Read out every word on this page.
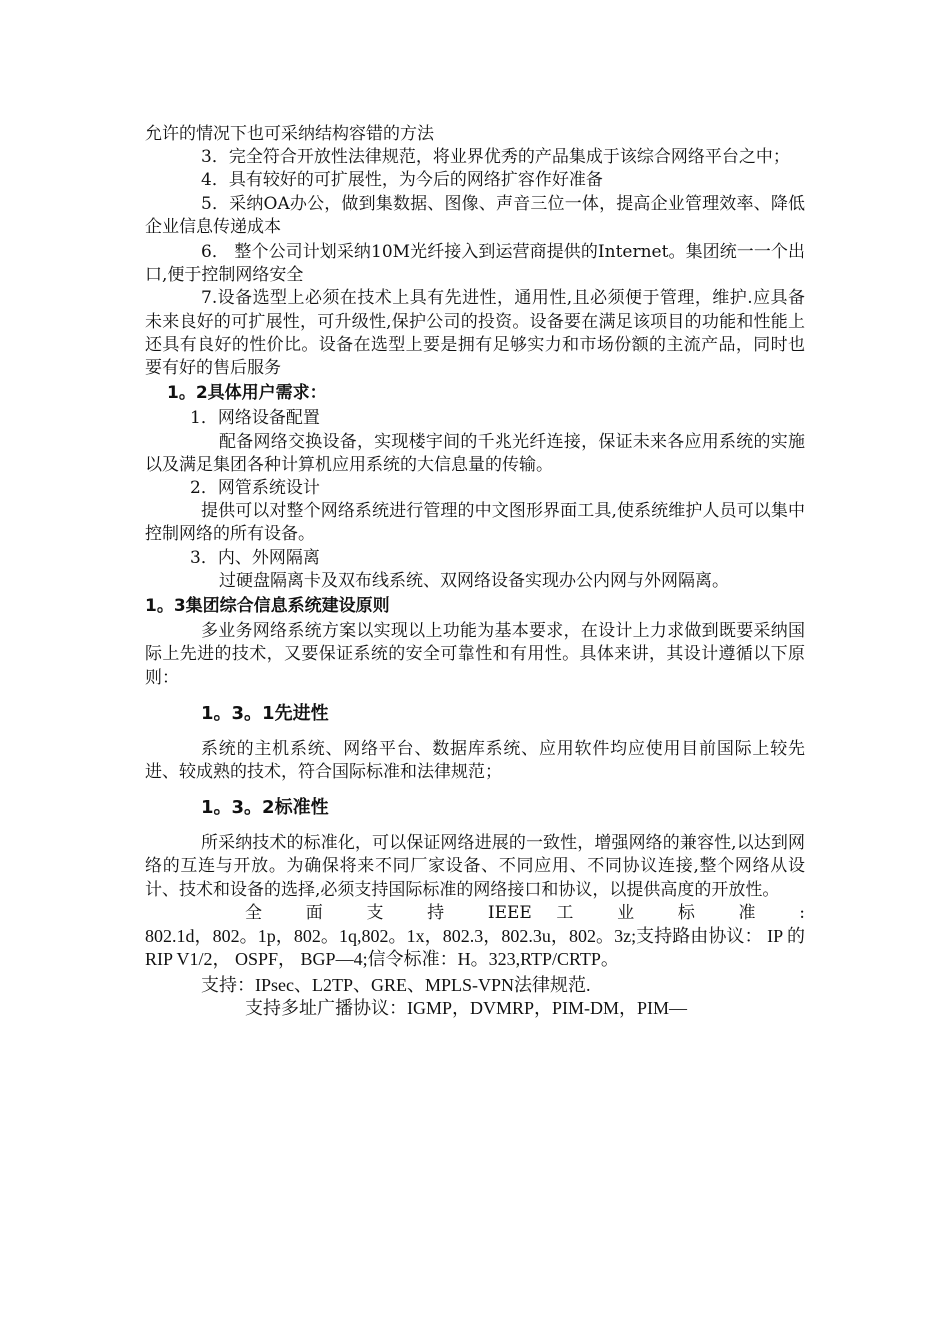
允许的情况下也可采纳结构容错的方法

3．完全符合开放性法律规范，将业界优秀的产品集成于该综合网络平台之中；

4．具有较好的可扩展性，为今后的网络扩容作好准备

5．采纳OA办公，做到集数据、图像、声音三位一体，提高企业管理效率、降低企业信息传递成本

6． 整个公司计划采纳10M光纤接入到运营商提供的Internet。集团统一一个出口,便于控制网络安全

7.设备选型上必须在技术上具有先进性，通用性,且必须便于管理，维护.应具备未来良好的可扩展性，可升级性,保护公司的投资。设备要在满足该项目的功能和性能上还具有良好的性价比。设备在选型上要是拥有足够实力和市场份额的主流产品，同时也要有好的售后服务

1。2具体用户需求：

1．网络设备配置

配备网络交换设备，实现楼宇间的千兆光纤连接，保证未来各应用系统的实施以及满足集团各种计算机应用系统的大信息量的传输。

2．网管系统设计

提供可以对整个网络系统进行管理的中文图形界面工具,使系统维护人员可以集中控制网络的所有设备。

3．内、外网隔离

过硬盘隔离卡及双布线系统、双网络设备实现办公内网与外网隔离。

1。3集团综合信息系统建设原则

多业务网络系统方案以实现以上功能为基本要求，在设计上力求做到既要采纳国际上先进的技术，又要保证系统的安全可靠性和有用性。具体来讲，其设计遵循以下原则：

1。3。1先进性

系统的主机系统、网络平台、数据库系统、应用软件均应使用目前国际上较先进、较成熟的技术，符合国际标准和法律规范；

1。3。2标准性

所采纳技术的标准化，可以保证网络进展的一致性，增强网络的兼容性,以达到网络的互连与开放。为确保将来不同厂家设备、不同应用、不同协议连接,整个网络从设计、技术和设备的选择,必须支持国际标准的网络接口和协议，以提供高度的开放性。

全 面 支 持 IEEE 工 业 标 准 :

802.1d，802。1p，802。1q,802。1x，802.3，802.3u，802。3z;支持路由协议： IP 的 RIP V1/2， OSPF， BGP—4;信令标准：H。323,RTP/CRTP。

支持：IPsec、L2TP、GRE、MPLS-VPN法律规范.

支持多址广播协议：IGMP，DVMRP，PIM-DM，PIM—
